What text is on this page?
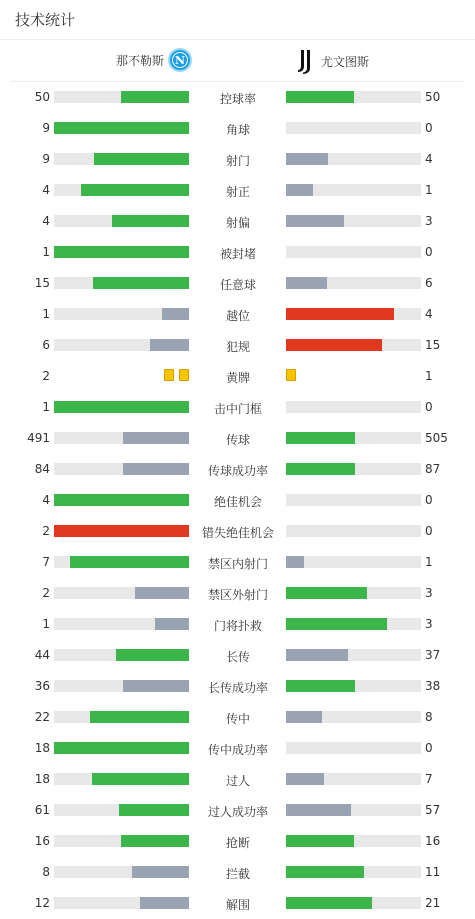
技术统计
那不勒斯 N	尤文图斯
50	控球率	50
9	角球	0
9	射门	4
4	射正	1
4	射偏	3
1	被封堵	0
15	任意球	6
1	越位	4
6	犯规	15
2	黄牌	1
1	击中门框	0
491	传球	505
84	传球成功率	87
4	绝佳机会	0
2	错失绝佳机会	0
7	禁区内射门	1
2	禁区外射门	3
1	门将扑救	3
44	长传	37
36	长传成功率	38
22	传中	8
18	传中成功率	0
18	过人	7
61	过人成功率	57
16	抢断	16
8	拦截	11
12	解围	21
